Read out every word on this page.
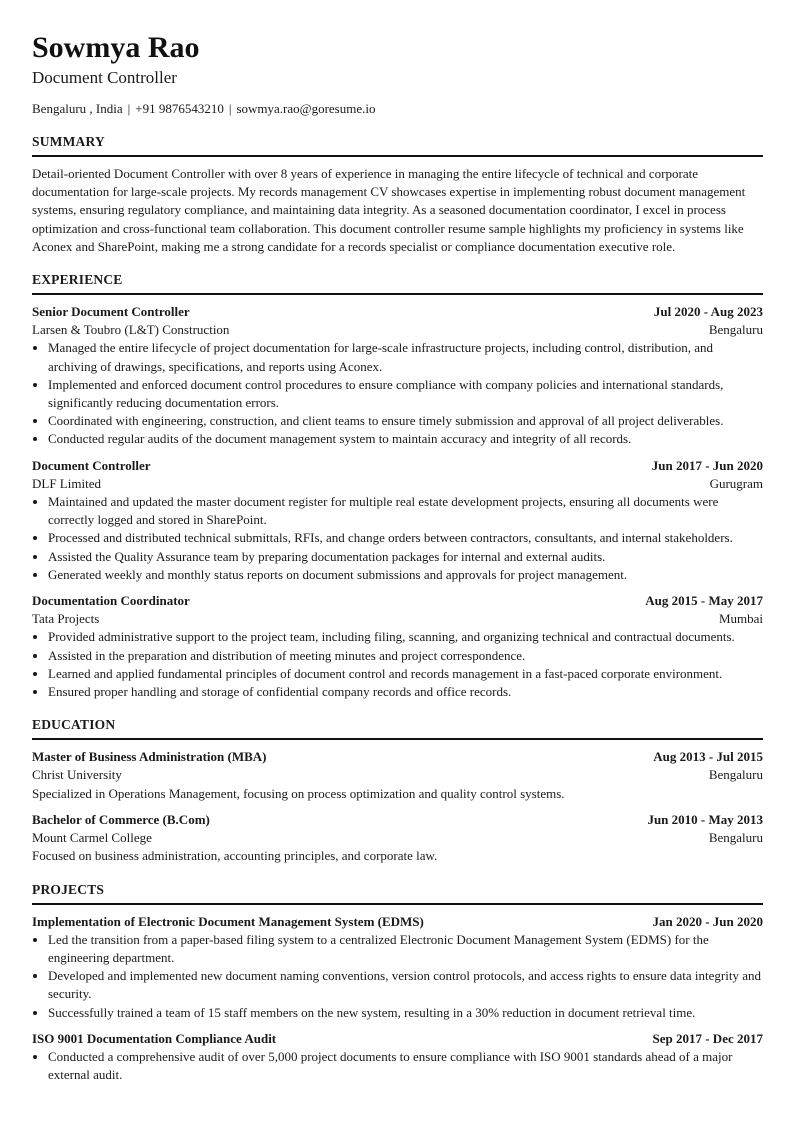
Sowmya Rao
Document Controller
Bengaluru , India | +91 9876543210 | sowmya.rao@goresume.io
SUMMARY

Detail-oriented Document Controller with over 8 years of experience in managing the entire lifecycle of technical and corporate documentation for large-scale projects. My records management CV showcases expertise in implementing robust document management systems, ensuring regulatory compliance, and maintaining data integrity. As a seasoned documentation coordinator, I excel in process optimization and cross-functional team collaboration. This document controller resume sample highlights my proficiency in systems like Aconex and SharePoint, making me a strong candidate for a records specialist or compliance documentation executive role.

EXPERIENCE
Senior Document Controller	Jul 2020 - Aug 2023
Larsen & Toubro (L&T) Construction	Bengaluru
• Managed the entire lifecycle of project documentation for large-scale infrastructure projects, including control, distribution, and archiving of drawings, specifications, and reports using Aconex.
• Implemented and enforced document control procedures to ensure compliance with company policies and international standards, significantly reducing documentation errors.
• Coordinated with engineering, construction, and client teams to ensure timely submission and approval of all project deliverables.
• Conducted regular audits of the document management system to maintain accuracy and integrity of all records.
Document Controller	Jun 2017 - Jun 2020
DLF Limited	Gurugram
• Maintained and updated the master document register for multiple real estate development projects, ensuring all documents were correctly logged and stored in SharePoint.
• Processed and distributed technical submittals, RFIs, and change orders between contractors, consultants, and internal stakeholders.
• Assisted the Quality Assurance team by preparing documentation packages for internal and external audits.
• Generated weekly and monthly status reports on document submissions and approvals for project management.
Documentation Coordinator	Aug 2015 - May 2017
Tata Projects	Mumbai
• Provided administrative support to the project team, including filing, scanning, and organizing technical and contractual documents.
• Assisted in the preparation and distribution of meeting minutes and project correspondence.
• Learned and applied fundamental principles of document control and records management in a fast-paced corporate environment.
• Ensured proper handling and storage of confidential company records and office records.
EDUCATION
Master of Business Administration (MBA)	Aug 2013 - Jul 2015
Christ University	Bengaluru

Specialized in Operations Management, focusing on process optimization and quality control systems.

Bachelor of Commerce (B.Com)	Jun 2010 - May 2013
Mount Carmel College	Bengaluru

Focused on business administration, accounting principles, and corporate law.

PROJECTS
Implementation of Electronic Document Management System (EDMS)	Jan 2020 - Jun 2020
• Led the transition from a paper-based filing system to a centralized Electronic Document Management System (EDMS) for the engineering department.
• Developed and implemented new document naming conventions, version control protocols, and access rights to ensure data integrity and security.
• Successfully trained a team of 15 staff members on the new system, resulting in a 30% reduction in document retrieval time.
ISO 9001 Documentation Compliance Audit	Sep 2017 - Dec 2017
• Conducted a comprehensive audit of over 5,000 project documents to ensure compliance with ISO 9001 standards ahead of a major external audit.
